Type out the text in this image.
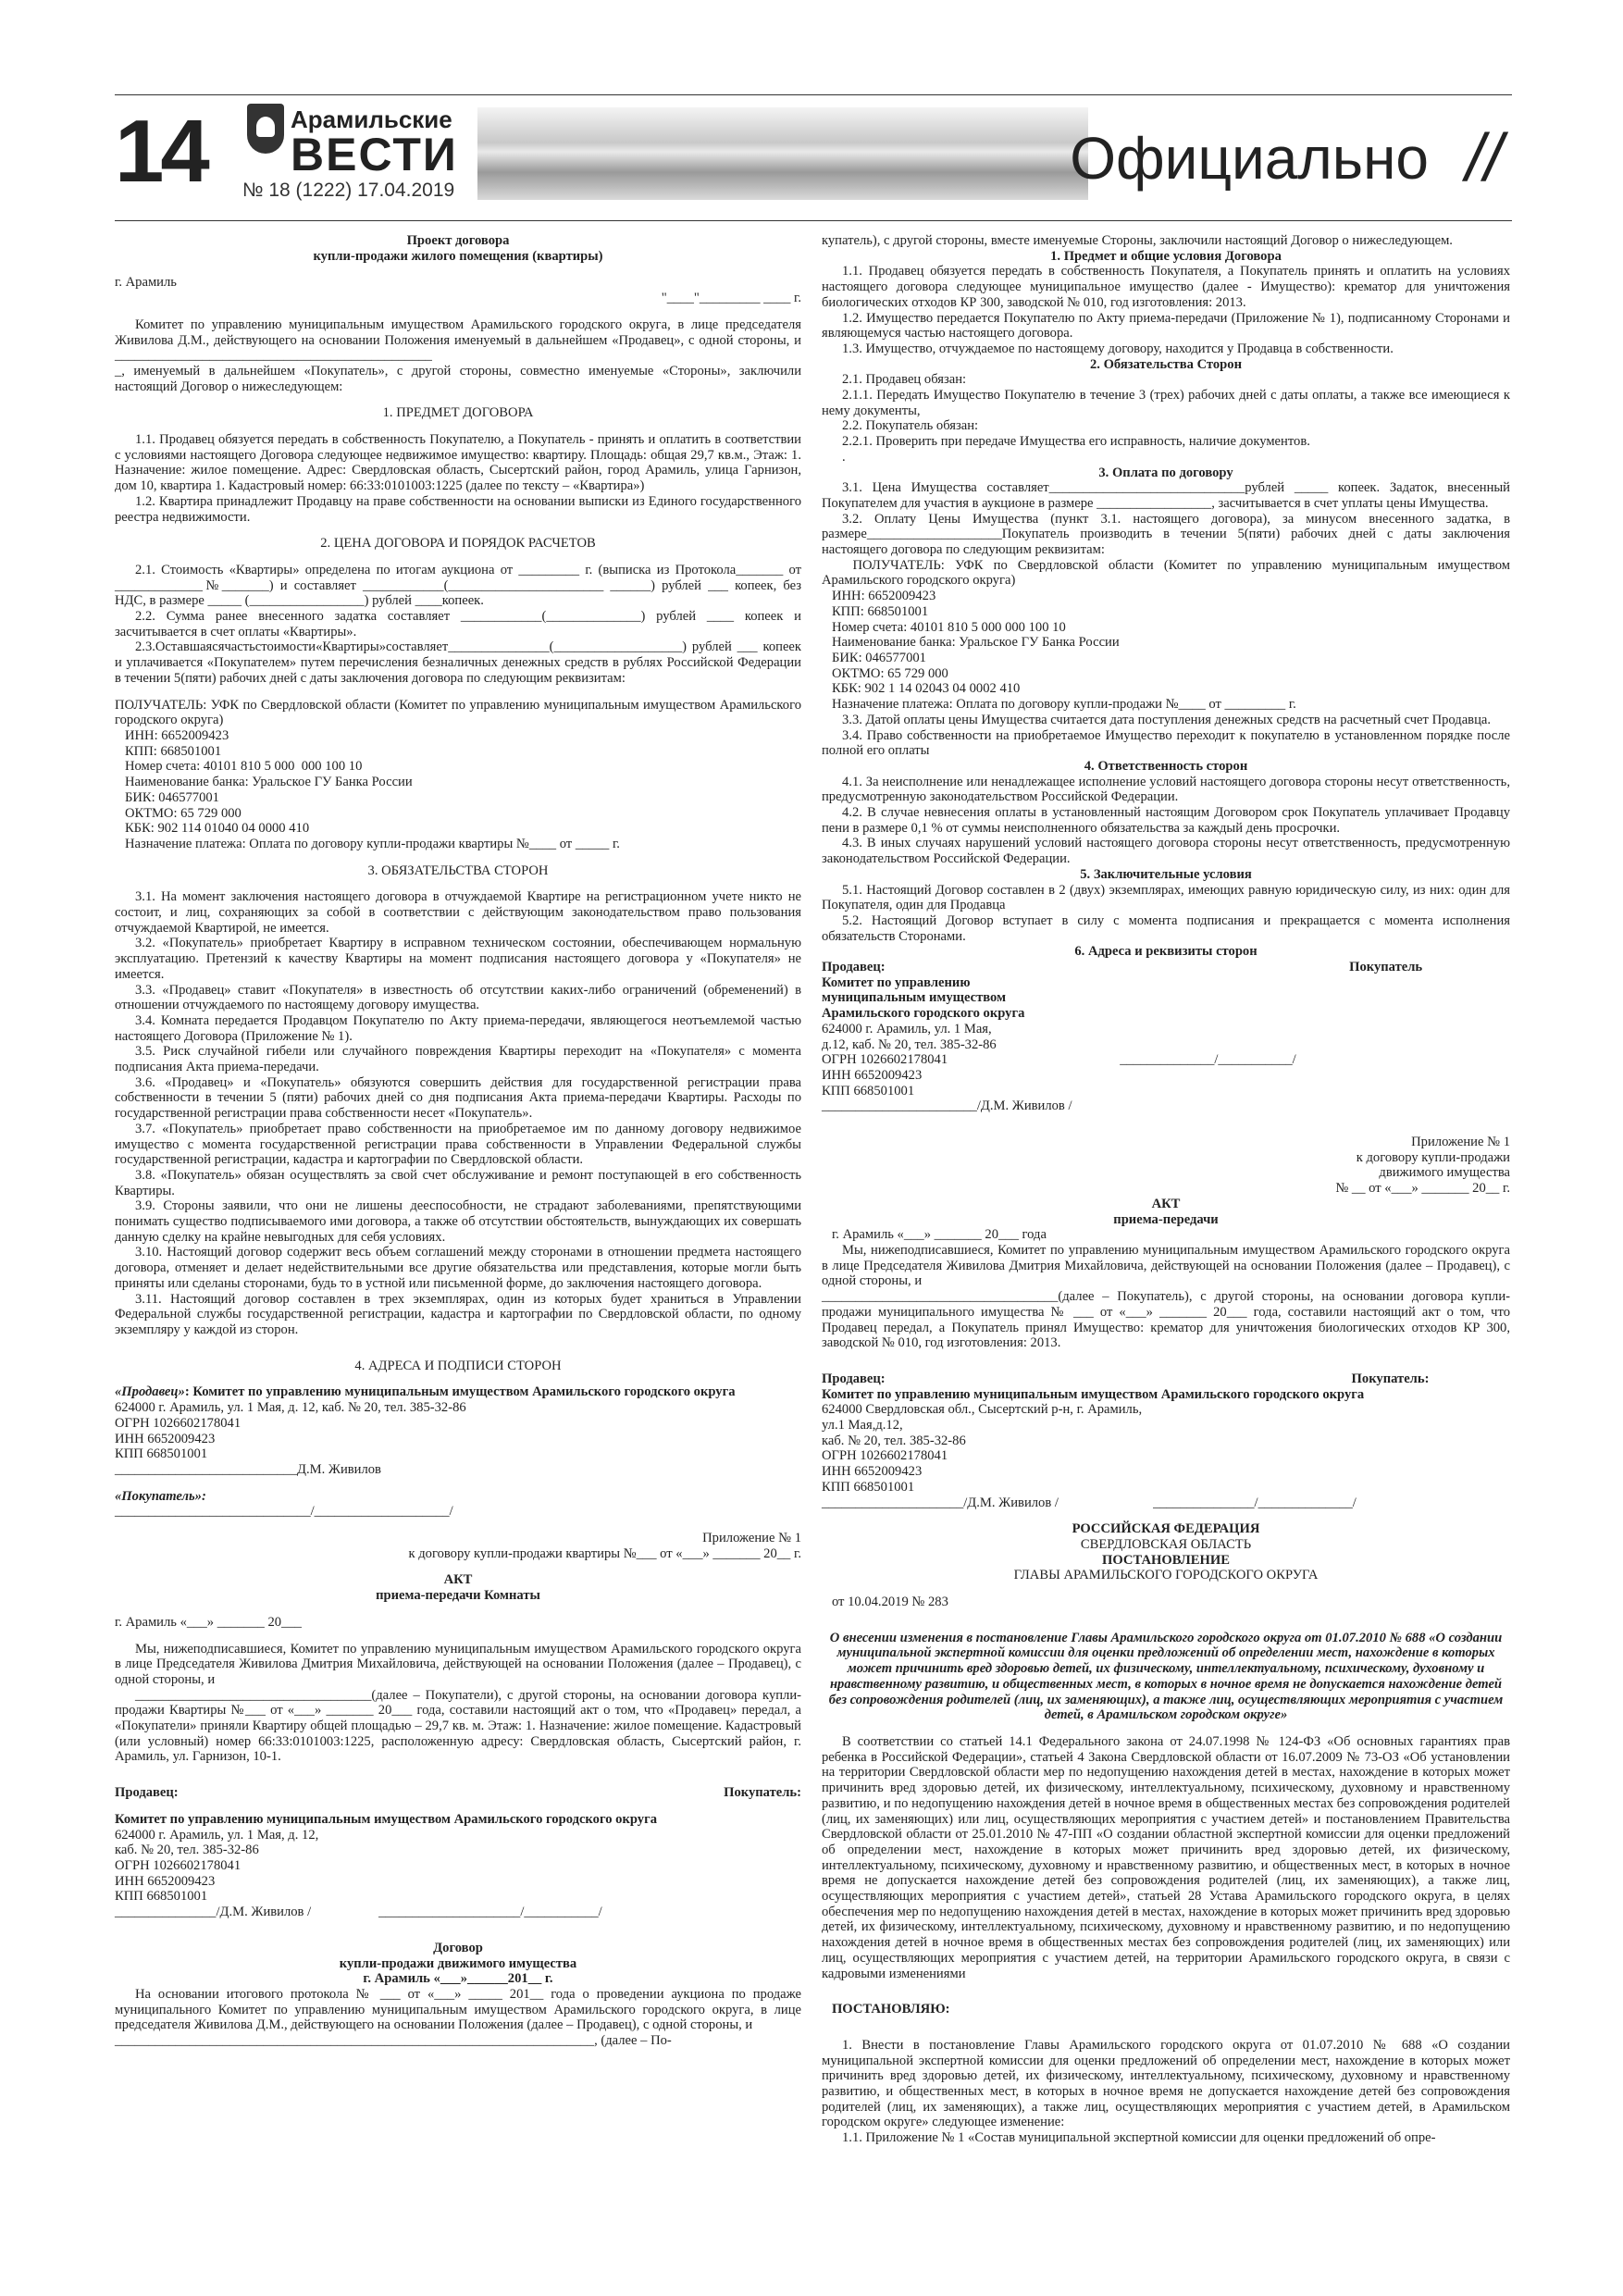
14	Арамильские
ВЕСТИ
№ 18 (1222) 17.04.2019	Официально //

Проект договора

купли-продажи жилого помещения (квартиры)

г. Арамиль

"____"_________ ____ г.

Комитет по управлению муниципальным имуществом Арамильского городского округа, в лице председателя Живилова Д.М., действующего на основании Положения именуемый в дальнейшем «Продавец», с одной стороны, и _______________________________________________

_, именуемый в дальнейшем «Покупатель», с другой стороны, совместно именуемые «Стороны», заключили настоящий Договор о нижеследующем:

1. ПРЕДМЕТ ДОГОВОРА

1.1. Продавец обязуется передать в собственность Покупателю, а Покупатель - принять и оплатить в соответствии с условиями настоящего Договора следующее недвижимое имущество: квартиру. Площадь: общая 29,7 кв.м., Этаж: 1. Назначение: жилое помещение. Адрес: Свердловская область, Сысертский район, город Арамиль, улица Гарнизон, дом 10, квартира 1. Кадастровый номер: 66:33:0101003:1225 (далее по тексту – «Квартира»)

1.2. Квартира принадлежит Продавцу на праве собственности на основании выписки из Единого государственного реестра недвижимости.

2. ЦЕНА ДОГОВОРА И ПОРЯДОК РАСЧЕТОВ

2.1. Стоимость «Квартиры» определена по итогам аукциона от _________ г. (выписка из Протокола_______ от _____________№_______) и составляет ____________(_______________________ ______) рублей ___ копеек, без НДС, в размере _____ (_________________) рублей ____копеек.

2.2. Сумма ранее внесенного задатка составляет ____________(______________) рублей ____ копеек и засчитывается в счет оплаты «Квартиры».

2.3.Оставшаясячастьстоимости«Квартиры»составляет_______________(___________________) рублей ___ копеек и уплачивается «Покупателем» путем перечисления безналичных денежных средств в рублях Российской Федерации в течении 5(пяти) рабочих дней с даты заключения договора по следующим реквизитам:

ПОЛУЧАТЕЛЬ: УФК по Свердловской области (Комитет по управлению муниципальным имуществом Арамильского городского округа)

ИНН: 6652009423

КПП: 668501001

Номер счета: 40101 810 5 000  000 100 10

Наименование банка: Уральское ГУ Банка России

БИК: 046577001

ОКТМО: 65 729 000

КБК: 902 114 01040 04 0000 410

Назначение платежа: Оплата по договору купли-продажи квартиры №____ от _____ г.

3. ОБЯЗАТЕЛЬСТВА СТОРОН

3.1. На момент заключения настоящего договора в отчуждаемой Квартире на регистрационном учете никто не состоит, и лиц, сохраняющих за собой в соответствии с действующим законодательством право пользования отчуждаемой Квартирой, не имеется.

3.2. «Покупатель» приобретает Квартиру в исправном техническом состоянии, обеспечивающем нормальную эксплуатацию. Претензий к качеству Квартиры на момент подписания настоящего договора у «Покупателя» не имеется.

3.3. «Продавец» ставит «Покупателя» в известность об отсутствии каких-либо ограничений (обременений) в отношении отчуждаемого по настоящему договору имущества.

3.4. Комната передается Продавцом Покупателю по Акту приема-передачи, являющегося неотъемлемой частью настоящего Договора (Приложение № 1).

3.5. Риск случайной гибели или случайного повреждения Квартиры переходит на «Покупателя» с момента подписания Акта приема-передачи.

3.6. «Продавец» и «Покупатель» обязуются совершить действия для государственной регистрации права собственности в течении 5 (пяти) рабочих дней со дня подписания Акта приема-передачи Квартиры. Расходы по государственной регистрации права собственности несет «Покупатель».

3.7. «Покупатель» приобретает право собственности на приобретаемое им по данному договору недвижимое имущество с момента государственной регистрации права собственности в Управлении Федеральной службы государственной регистрации, кадастра и картографии по Свердловской области.

3.8. «Покупатель» обязан осуществлять за свой счет обслуживание и ремонт поступающей в его собственность Квартиры.

3.9. Стороны заявили, что они не лишены дееспособности, не страдают заболеваниями, препятствующими понимать существо подписываемого ими договора, а также об отсутствии обстоятельств, вынуждающих их совершать данную сделку на крайне невыгодных для себя условиях.

3.10. Настоящий договор содержит весь объем соглашений между сторонами в отношении предмета настоящего договора, отменяет и делает недействительными все другие обязательства или представления, которые могли быть приняты или сделаны сторонами, будь то в устной или письменной форме, до заключения настоящего договора.

3.11. Настоящий договор составлен в трех экземплярах, один из которых будет храниться в Управлении Федеральной службы государственной регистрации, кадастра и картографии по Свердловской области, по одному экземпляру у каждой из сторон.

4. АДРЕСА И ПОДПИСИ СТОРОН

«Продавец»: Комитет по управлению муниципальным имуществом Арамильского городского округа

624000 г. Арамиль, ул. 1 Мая, д. 12, каб. № 20, тел. 385-32-86

ОГРН 1026602178041

ИНН 6652009423

КПП 668501001

___________________________Д.М. Живилов

«Покупатель»:

_____________________________/____________________/

Приложение № 1

к договору купли-продажи квартиры №___ от «___» _______ 20__ г.

АКТ

приема-передачи Комнаты

г. Арамиль «___» _______ 20___

Мы, нижеподписавшиеся, Комитет по управлению муниципальным имуществом Арамильского городского округа в лице Председателя Живилова Дмитрия Михайловича, действующей на основании Положения (далее – Продавец), с одной стороны, и

___________________________________(далее – Покупатели), с другой стороны, на основании договора купли-продажи Квартиры №___ от «___» _______ 20___ года, составили настоящий акт о том, что «Продавец» передал, а «Покупатели» приняли Квартиру общей площадью – 29,7 кв. м. Этаж: 1. Назначение: жилое помещение. Кадастровый (или условный) номер 66:33:0101003:1225, расположенную адресу: Свердловская область, Сысертский район, г. Арамиль, ул. Гарнизон, 10-1.

Продавец:	Покупатель:

Комитет по управлению муниципальным имущеcтвом Арамильского городского округа

624000 г. Арамиль, ул. 1 Мая, д. 12,

каб. № 20, тел. 385-32-86

ОГРН 1026602178041

ИНН 6652009423

КПП 668501001

_______________/Д.М. Живилов /                    _____________________/___________/

Договор

купли-продажи движимого имущества

г. Арамиль «___»______201__ г.

На основании итогового протокола № ___ от «___» _____ 201__ года о проведении аукциона по продаже муниципального Комитет по управлению муниципальным имуществом Арамильского городского округа, в лице председателя Живилова Д.М., действующего на основании Положения (далее – Продавец), с одной стороны, и

_______________________________________________________________________, (далее – По-

купатель), с другой стороны, вместе именуемые Стороны, заключили настоящий Договор о нижеследующем.

1. Предмет и общие условия Договора

1.1. Продавец обязуется передать в собственность Покупателя, а Покупатель принять и оплатить на условиях настоящего договора следующее муниципальное имущество (далее - Имущество): крематор для уничтожения биологических отходов КР 300, заводской № 010, год изготовления: 2013.

1.2. Имущество передается Покупателю по Акту приема-передачи (Приложение № 1), подписанному Сторонами и являющемуся частью настоящего договора.

1.3. Имущество, отчуждаемое по настоящему договору, находится у Продавца в собственности.

2. Обязательства Сторон

2.1. Продавец обязан:

2.1.1. Передать Имущество Покупателю в течение 3 (трех) рабочих дней с даты оплаты, а также все имеющиеся к нему документы,

2.2. Покупатель обязан:

2.2.1. Проверить при передаче Имущества его исправность, наличие документов.

.

3. Оплата по договору

3.1. Цена Имущества составляет_____________________________рублей _____ копеек. Задаток, внесенный Покупателем для участия в аукционе в размере _________________, засчитывается в счет уплаты цены Имущества.

3.2. Оплату Цены Имущества (пункт 3.1. настоящего договора), за минусом внесенного задатка, в размере____________________Покупатель производить в течении 5(пяти) рабочих дней с даты заключения настоящего договора по следующим реквизитам:

ПОЛУЧАТЕЛЬ: УФК по Свердловской области (Комитет по управлению муниципальным имуществом Арамильского городского округа)

ИНН: 6652009423

КПП: 668501001

Номер счета: 40101 810 5 000 000 100 10

Наименование банка: Уральское ГУ Банка России

БИК: 046577001

ОКТМО: 65 729 000

КБК: 902 1 14 02043 04 0002 410

Назначение платежа: Оплата по договору купли-продажи №____ от _________ г.

3.3. Датой оплаты цены Имущества считается дата поступления денежных средств на расчетный счет Продавца.

3.4. Право собственности на приобретаемое Имущество переходит к покупателю в установленном порядке после полной его оплаты

4. Ответственность сторон

4.1. За неисполнение или ненадлежащее исполнение условий настоящего договора стороны несут ответственность, предусмотренную законодательством Российской Федерации.

4.2. В случае невнесения оплаты в установленный настоящим Договором срок Покупатель уплачивает Продавцу пени в размере 0,1 % от суммы неисполненного обязательства за каждый день просрочки.

4.3. В иных случаях нарушений условий настоящего договора стороны несут ответственность, предусмотренную законодательством Российской Федерации.

5. Заключительные условия

5.1. Настоящий Договор составлен в 2 (двух) экземплярах, имеющих равную юридическую силу, из них: один для Покупателя, один для Продавца

5.2. Настоящий Договор вступает в силу с момента подписания и прекращается с момента исполнения обязательств Сторонами.

6. Адреса и реквизиты сторон

Продавец:	Покупатель

Комитет по управлению

муниципальным имуществом

Арамильского городского округа

624000 г. Арамиль, ул. 1 Мая,

д.12, каб. № 20, тел. 385-32-86

ОГРН 1026602178041                                                   ______________/___________/

ИНН 6652009423

КПП 668501001

_______________________/Д.М. Живилов /

Приложение № 1

к договору купли-продажи

движимого имущества

№ __ от «___» _______ 20__ г.

АКТ

приема-передачи

г. Арамиль «___» _______ 20___ года

Мы, нижеподписавшиеся, Комитет по управлению муниципальным имуществом Арамильского городского округа в лице Председателя Живилова Дмитрия Михайловича, действующей на основании Положения (далее – Продавец), с одной стороны, и

___________________________________(далее – Покупатель), с другой стороны, на основании договора купли-продажи муниципального имущества № ___ от «___» _______ 20___ года, составили настоящий акт о том, что Продавец передал, а Покупатель принял Имущество: крематор для уничтожения биологических отходов КР 300, заводской № 010, год изготовления: 2013.

Продавец:	Покупатель:

Комитет по управлению муниципальным имуществом Арамильского городского округа

624000 Свердловская обл., Сысертский р-н, г. Арамиль,

ул.1 Мая,д.12,

каб. № 20, тел. 385-32-86

ОГРН 1026602178041

ИНН 6652009423

КПП 668501001

_____________________/Д.М. Живилов /                            _______________/______________/

РОССИЙСКАЯ ФЕДЕРАЦИЯ

СВЕРДЛОВСКАЯ ОБЛАСТЬ

ПОСТАНОВЛЕНИЕ

ГЛАВЫ АРАМИЛЬСКОГО ГОРОДСКОГО ОКРУГА

от 10.04.2019 № 283

О внесении изменения в постановление Главы Арамильского городского округа от 01.07.2010 № 688 «О создании муниципальной экспертной комиссии для оценки предложений об определении мест, нахождение в которых может причинить вред здоровью детей, их физическому, интеллектуальному, психическому, духовному и нравственному развитию, и общественных мест, в которых в ночное время не допускается нахождение детей без сопровождения родителей (лиц, их заменяющих), а также лиц, осуществляющих мероприятия с участием детей, в Арамильском городском округе»

В соответствии со статьей 14.1 Федерального закона от 24.07.1998 № 124-ФЗ «Об основных гарантиях прав ребенка в Российской Федерации», статьей 4 Закона Свердловской области от 16.07.2009 № 73-ОЗ «Об установлении на территории Свердловской области мер по недопущению нахождения детей в местах, нахождение в которых может причинить вред здоровью детей, их физическому, интеллектуальному, психическому, духовному и нравственному развитию, и по недопущению нахождения детей в ночное время в общественных местах без сопровождения родителей (лиц, их заменяющих) или лиц, осуществляющих мероприятия с участием детей» и постановлением Правительства Свердловской области от 25.01.2010 № 47-ПП «О создании областной экспертной комиссии для оценки предложений об определении мест, нахождение в которых может причинить вред здоровью детей, их физическому, интеллектуальному, психическому, духовному и нравственному развитию, и общественных мест, в которых в ночное время не допускается нахождение детей без сопровождения родителей (лиц, их заменяющих), а также лиц, осуществляющих мероприятия с участием детей», статьей 28 Устава Арамильского городского округа, в целях обеспечения мер по недопущению нахождения детей в местах, нахождение в которых может причинить вред здоровью детей, их физическому, интеллектуальному, психическому, духовному и нравственному развитию, и по недопущению нахождения детей в ночное время в общественных местах без сопровождения родителей (лиц, их заменяющих) или лиц, осуществляющих мероприятия с участием детей, на территории Арамильского городского округа, в связи с кадровыми изменениями

ПОСТАНОВЛЯЮ:

1. Внести в постановление Главы Арамильского городского округа от 01.07.2010 № 688 «О создании муниципальной экспертной комиссии для оценки предложений об определении мест, нахождение в которых может причинить вред здоровью детей, их физическому, интеллектуальному, психическому, духовному и нравственному развитию, и общественных мест, в которых в ночное время не допускается нахождение детей без сопровождения родителей (лиц, их заменяющих), а также лиц, осуществляющих мероприятия с участием детей, в Арамильском городском округе» следующее изменение:

1.1. Приложение № 1 «Состав муниципальной экспертной комиссии для оценки предложений об опре-
